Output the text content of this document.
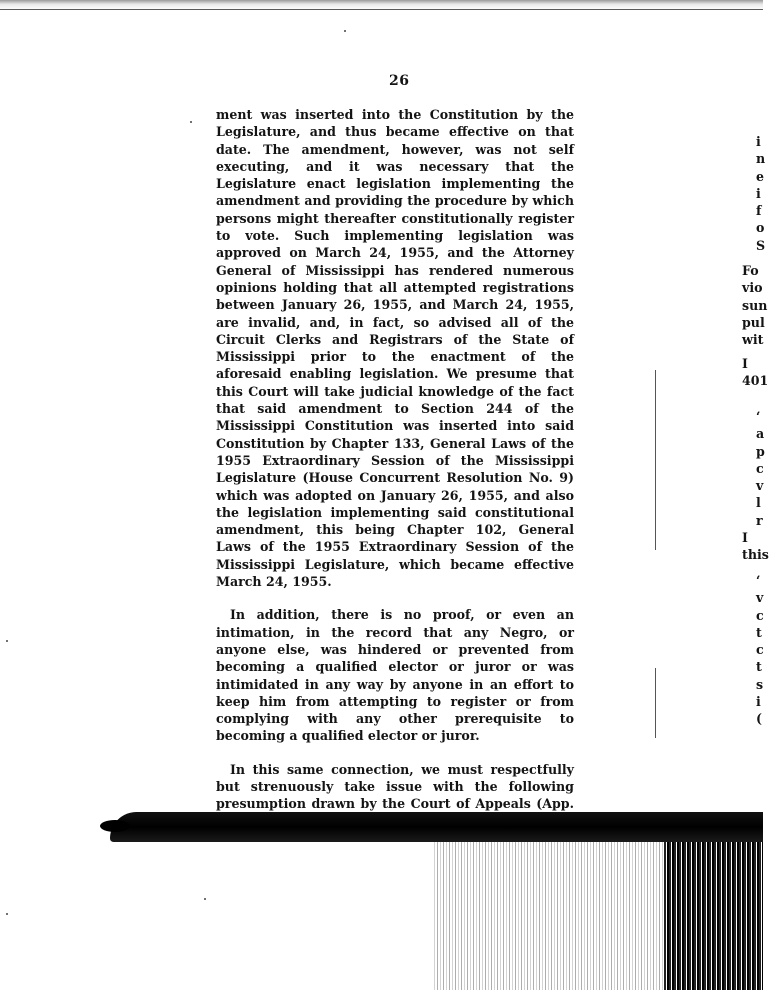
26

ment was inserted into the Constitution by the Legislature, and thus became effective on that date. The amendment, however, was not self executing, and it was necessary that the Legislature enact legislation implementing the amendment and providing the procedure by which persons might thereafter constitutionally register to vote. Such implementing legislation was approved on March 24, 1955, and the Attorney General of Mississippi has rendered numerous opinions holding that all attempted registrations between January 26, 1955, and March 24, 1955, are invalid, and, in fact, so advised all of the Circuit Clerks and Registrars of the State of Mississippi prior to the enactment of the aforesaid enabling legislation. We presume that this Court will take judicial knowledge of the fact that said amendment to Section 244 of the Mississippi Constitution was inserted into said Constitution by Chapter 133, General Laws of the 1955 Extraordinary Session of the Mississippi Legislature (House Concurrent Resolution No. 9) which was adopted on January 26, 1955, and also the legislation implementing said constitutional amendment, this being Chapter 102, General Laws of the 1955 Extraordinary Session of the Mississippi Legislature, which became effective March 24, 1955.

In addition, there is no proof, or even an intimation, in the record that any Negro, or anyone else, was hindered or prevented from becoming a qualified elector or juror or was intimidated in any way by anyone in an effort to keep him from attempting to register or from complying with any other prerequisite to becoming a qualified elector or juror.

In this same connection, we must respectfully but strenuously take issue with the following presumption drawn by the Court of Appeals (App.

i
n
e
i
f
o
S
Fo
vio
sun
pul
wit
I
401
‘
a
p
c
v
l
r
I
this
‘
v
c
t
c
t
s
i
(
